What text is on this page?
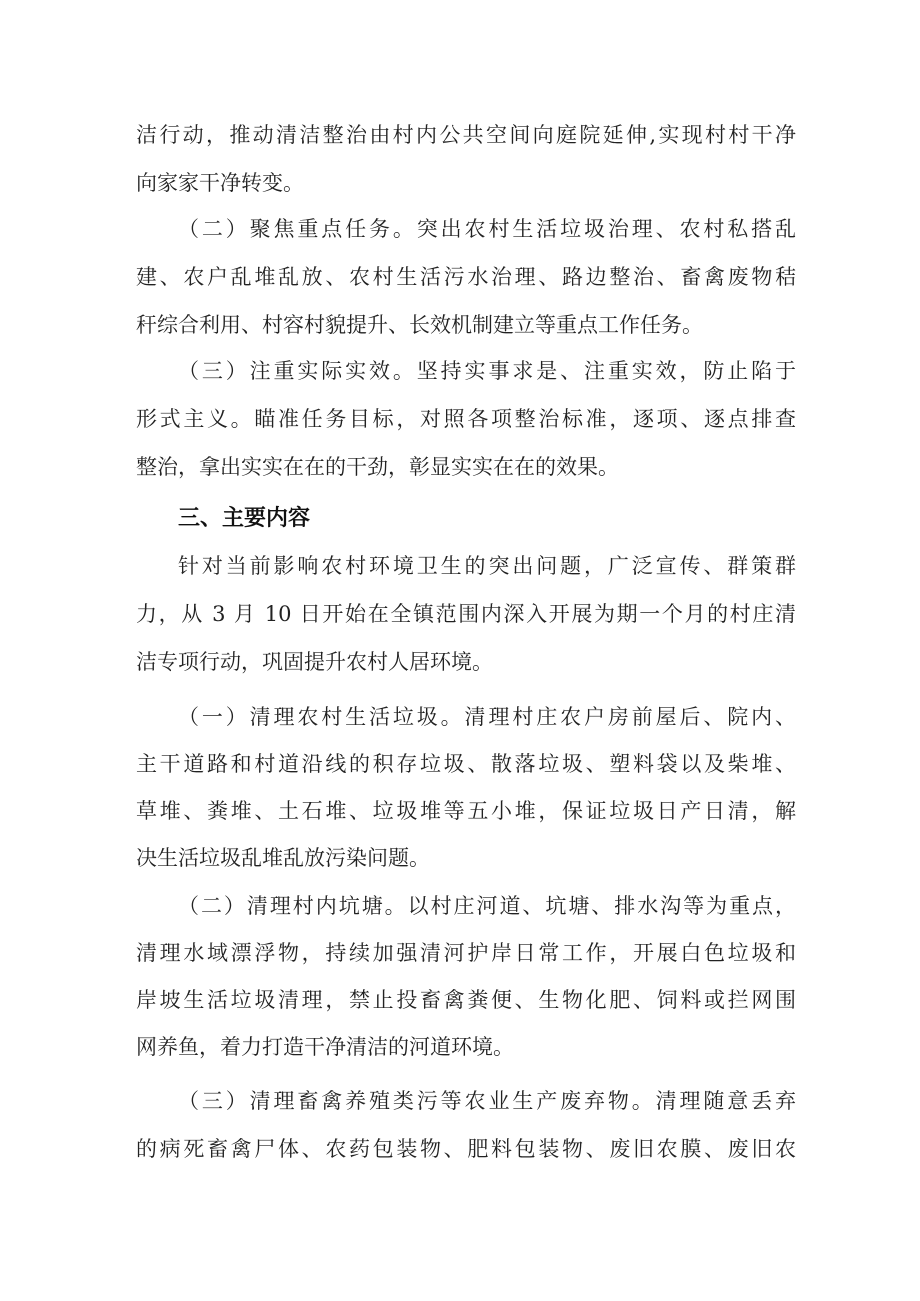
洁行动，推动清洁整治由村内公共空间向庭院延伸,实现村村干净
向家家干净转变。
（二）聚焦重点任务。突出农村生活垃圾治理、农村私搭乱
建、农户乱堆乱放、农村生活污水治理、路边整治、畜禽废物秸
秆综合利用、村容村貌提升、长效机制建立等重点工作任务。
（三）注重实际实效。坚持实事求是、注重实效，防止陷于
形式主义。瞄准任务目标，对照各项整治标准，逐项、逐点排查
整治，拿出实实在在的干劲，彰显实实在在的效果。
三、主要内容
针对当前影响农村环境卫生的突出问题，广泛宣传、群策群
力，从 3 月 10 日开始在全镇范围内深入开展为期一个月的村庄清
洁专项行动，巩固提升农村人居环境。
（一）清理农村生活垃圾。清理村庄农户房前屋后、院内、
主干道路和村道沿线的积存垃圾、散落垃圾、塑料袋以及柴堆、
草堆、粪堆、土石堆、垃圾堆等五小堆，保证垃圾日产日清，解
决生活垃圾乱堆乱放污染问题。
（二）清理村内坑塘。以村庄河道、坑塘、排水沟等为重点，
清理水域漂浮物，持续加强清河护岸日常工作，开展白色垃圾和
岸坡生活垃圾清理，禁止投畜禽粪便、生物化肥、饲料或拦网围
网养鱼，着力打造干净清洁的河道环境。
（三）清理畜禽养殖类污等农业生产废弃物。清理随意丢弃
的病死畜禽尸体、农药包装物、肥料包装物、废旧农膜、废旧农
